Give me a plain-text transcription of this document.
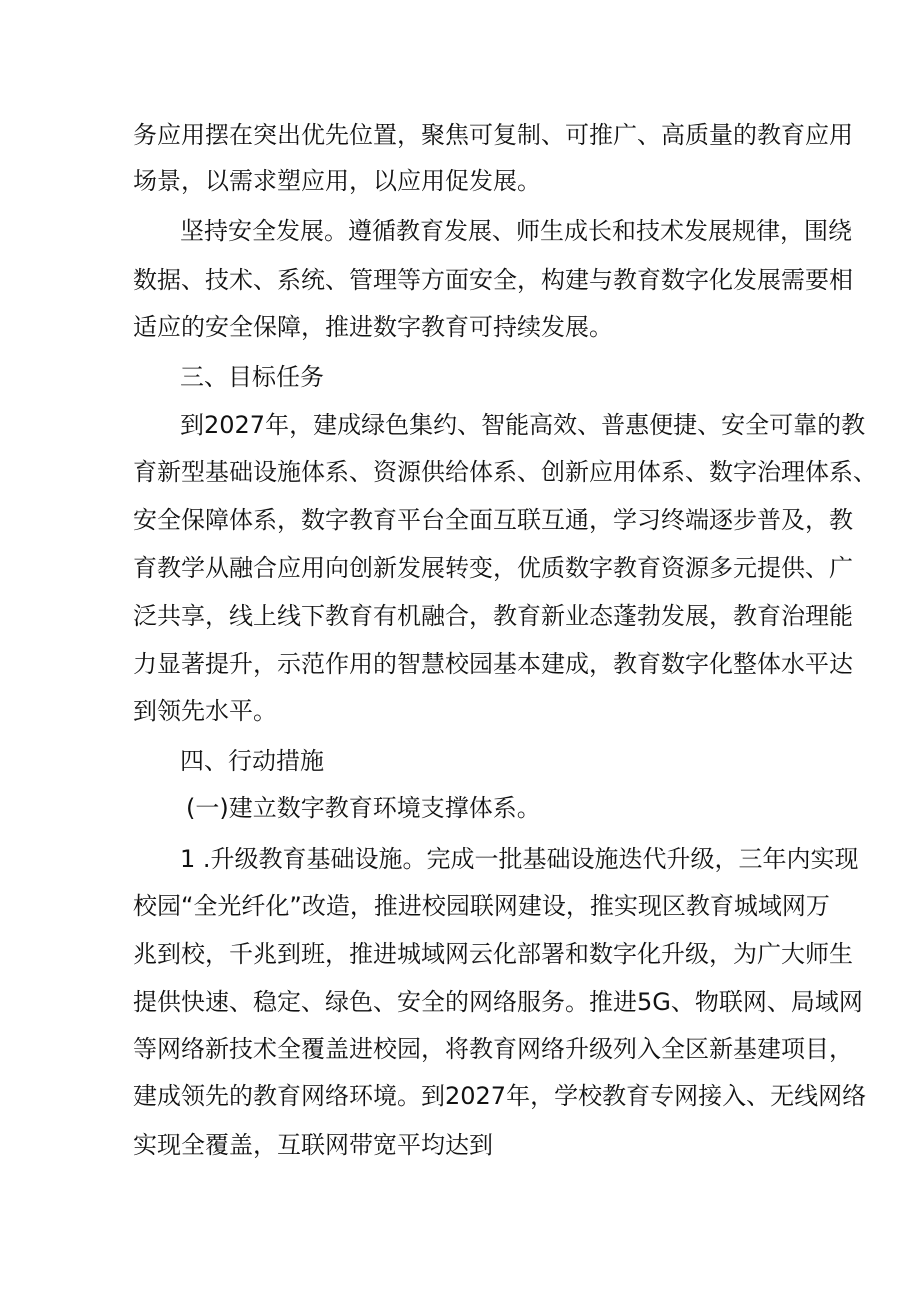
务应用摆在突出优先位置，聚焦可复制、可推广、高质量的教育应用
场景，以需求塑应用，以应用促发展。
坚持安全发展。遵循教育发展、师生成长和技术发展规律，围绕
数据、技术、系统、管理等方面安全，构建与教育数字化发展需要相
适应的安全保障，推进数字教育可持续发展。
三、目标任务
到2027年，建成绿色集约、智能高效、普惠便捷、安全可靠的教
育新型基础设施体系、资源供给体系、创新应用体系、数字治理体系、
安全保障体系，数字教育平台全面互联互通，学习终端逐步普及，教
育教学从融合应用向创新发展转变，优质数字教育资源多元提供、广
泛共享，线上线下教育有机融合，教育新业态蓬勃发展，教育治理能
力显著提升，示范作用的智慧校园基本建成，教育数字化整体水平达
到领先水平。
四、行动措施
(一)建立数字教育环境支撑体系。
1 .升级教育基础设施。完成一批基础设施迭代升级，三年内实现
校园“全光纤化”改造，推进校园联网建设，推实现区教育城域网万
兆到校，千兆到班，推进城域网云化部署和数字化升级，为广大师生
提供快速、稳定、绿色、安全的网络服务。推进5G、物联网、局域网
等网络新技术全覆盖进校园，将教育网络升级列入全区新基建项目，
建成领先的教育网络环境。到2027年，学校教育专网接入、无线网络
实现全覆盖，互联网带宽平均达到
